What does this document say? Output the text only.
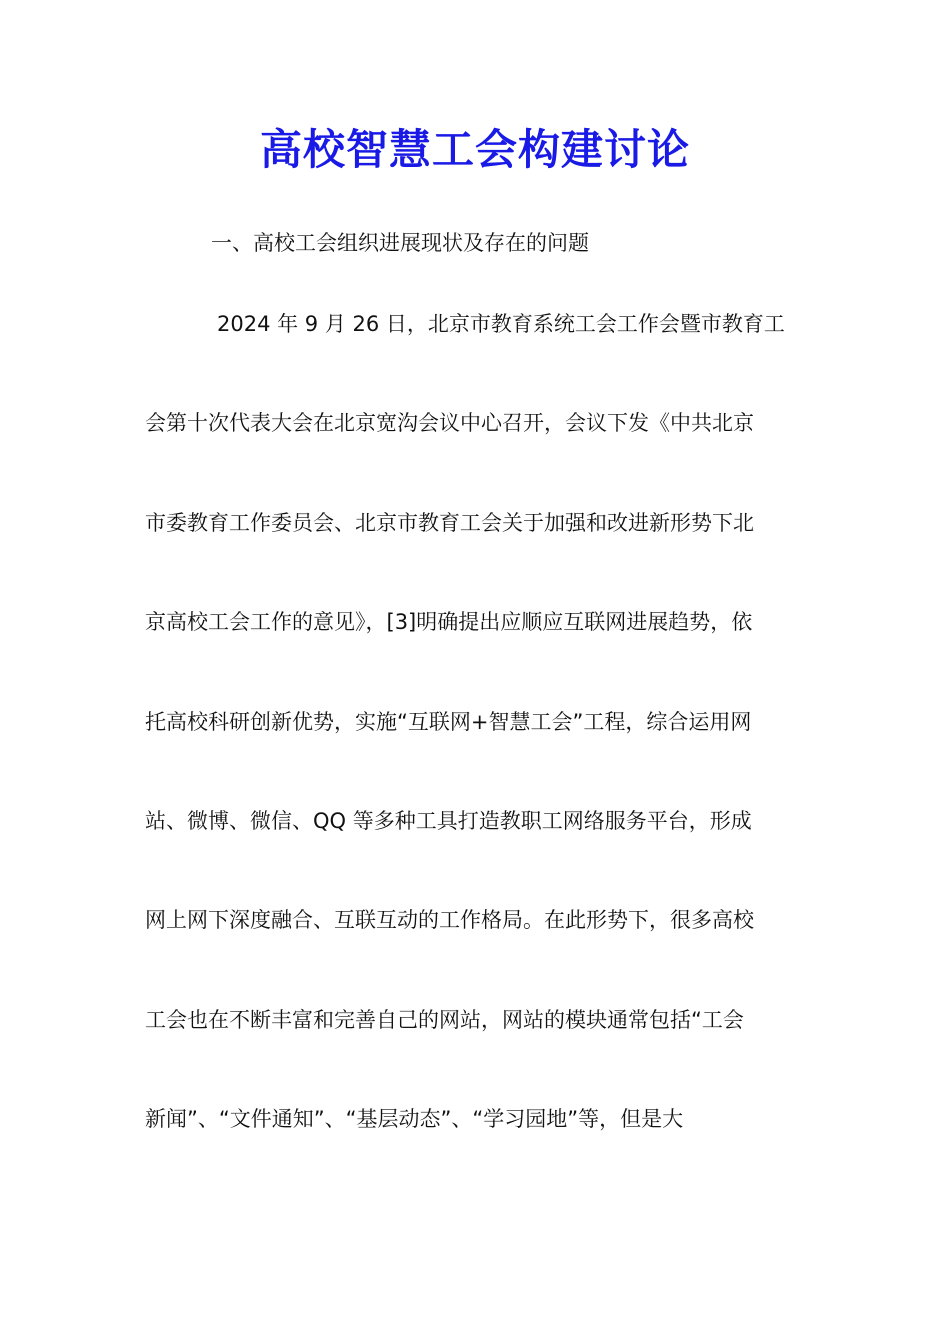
高校智慧工会构建讨论
一、高校工会组织进展现状及存在的问题
2024 年 9 月 26 日，北京市教育系统工会工作会暨市教育工
会第十次代表大会在北京宽沟会议中心召开，会议下发《中共北京
市委教育工作委员会、北京市教育工会关于加强和改进新形势下北
京高校工会工作的意见》，[3]明确提出应顺应互联网进展趋势，依
托高校科研创新优势，实施“互联网+智慧工会”工程，综合运用网
站、微博、微信、QQ 等多种工具打造教职工网络服务平台，形成
网上网下深度融合、互联互动的工作格局。在此形势下，很多高校
工会也在不断丰富和完善自己的网站，网站的模块通常包括“工会
新闻”、“文件通知”、“基层动态”、“学习园地”等，但是大
